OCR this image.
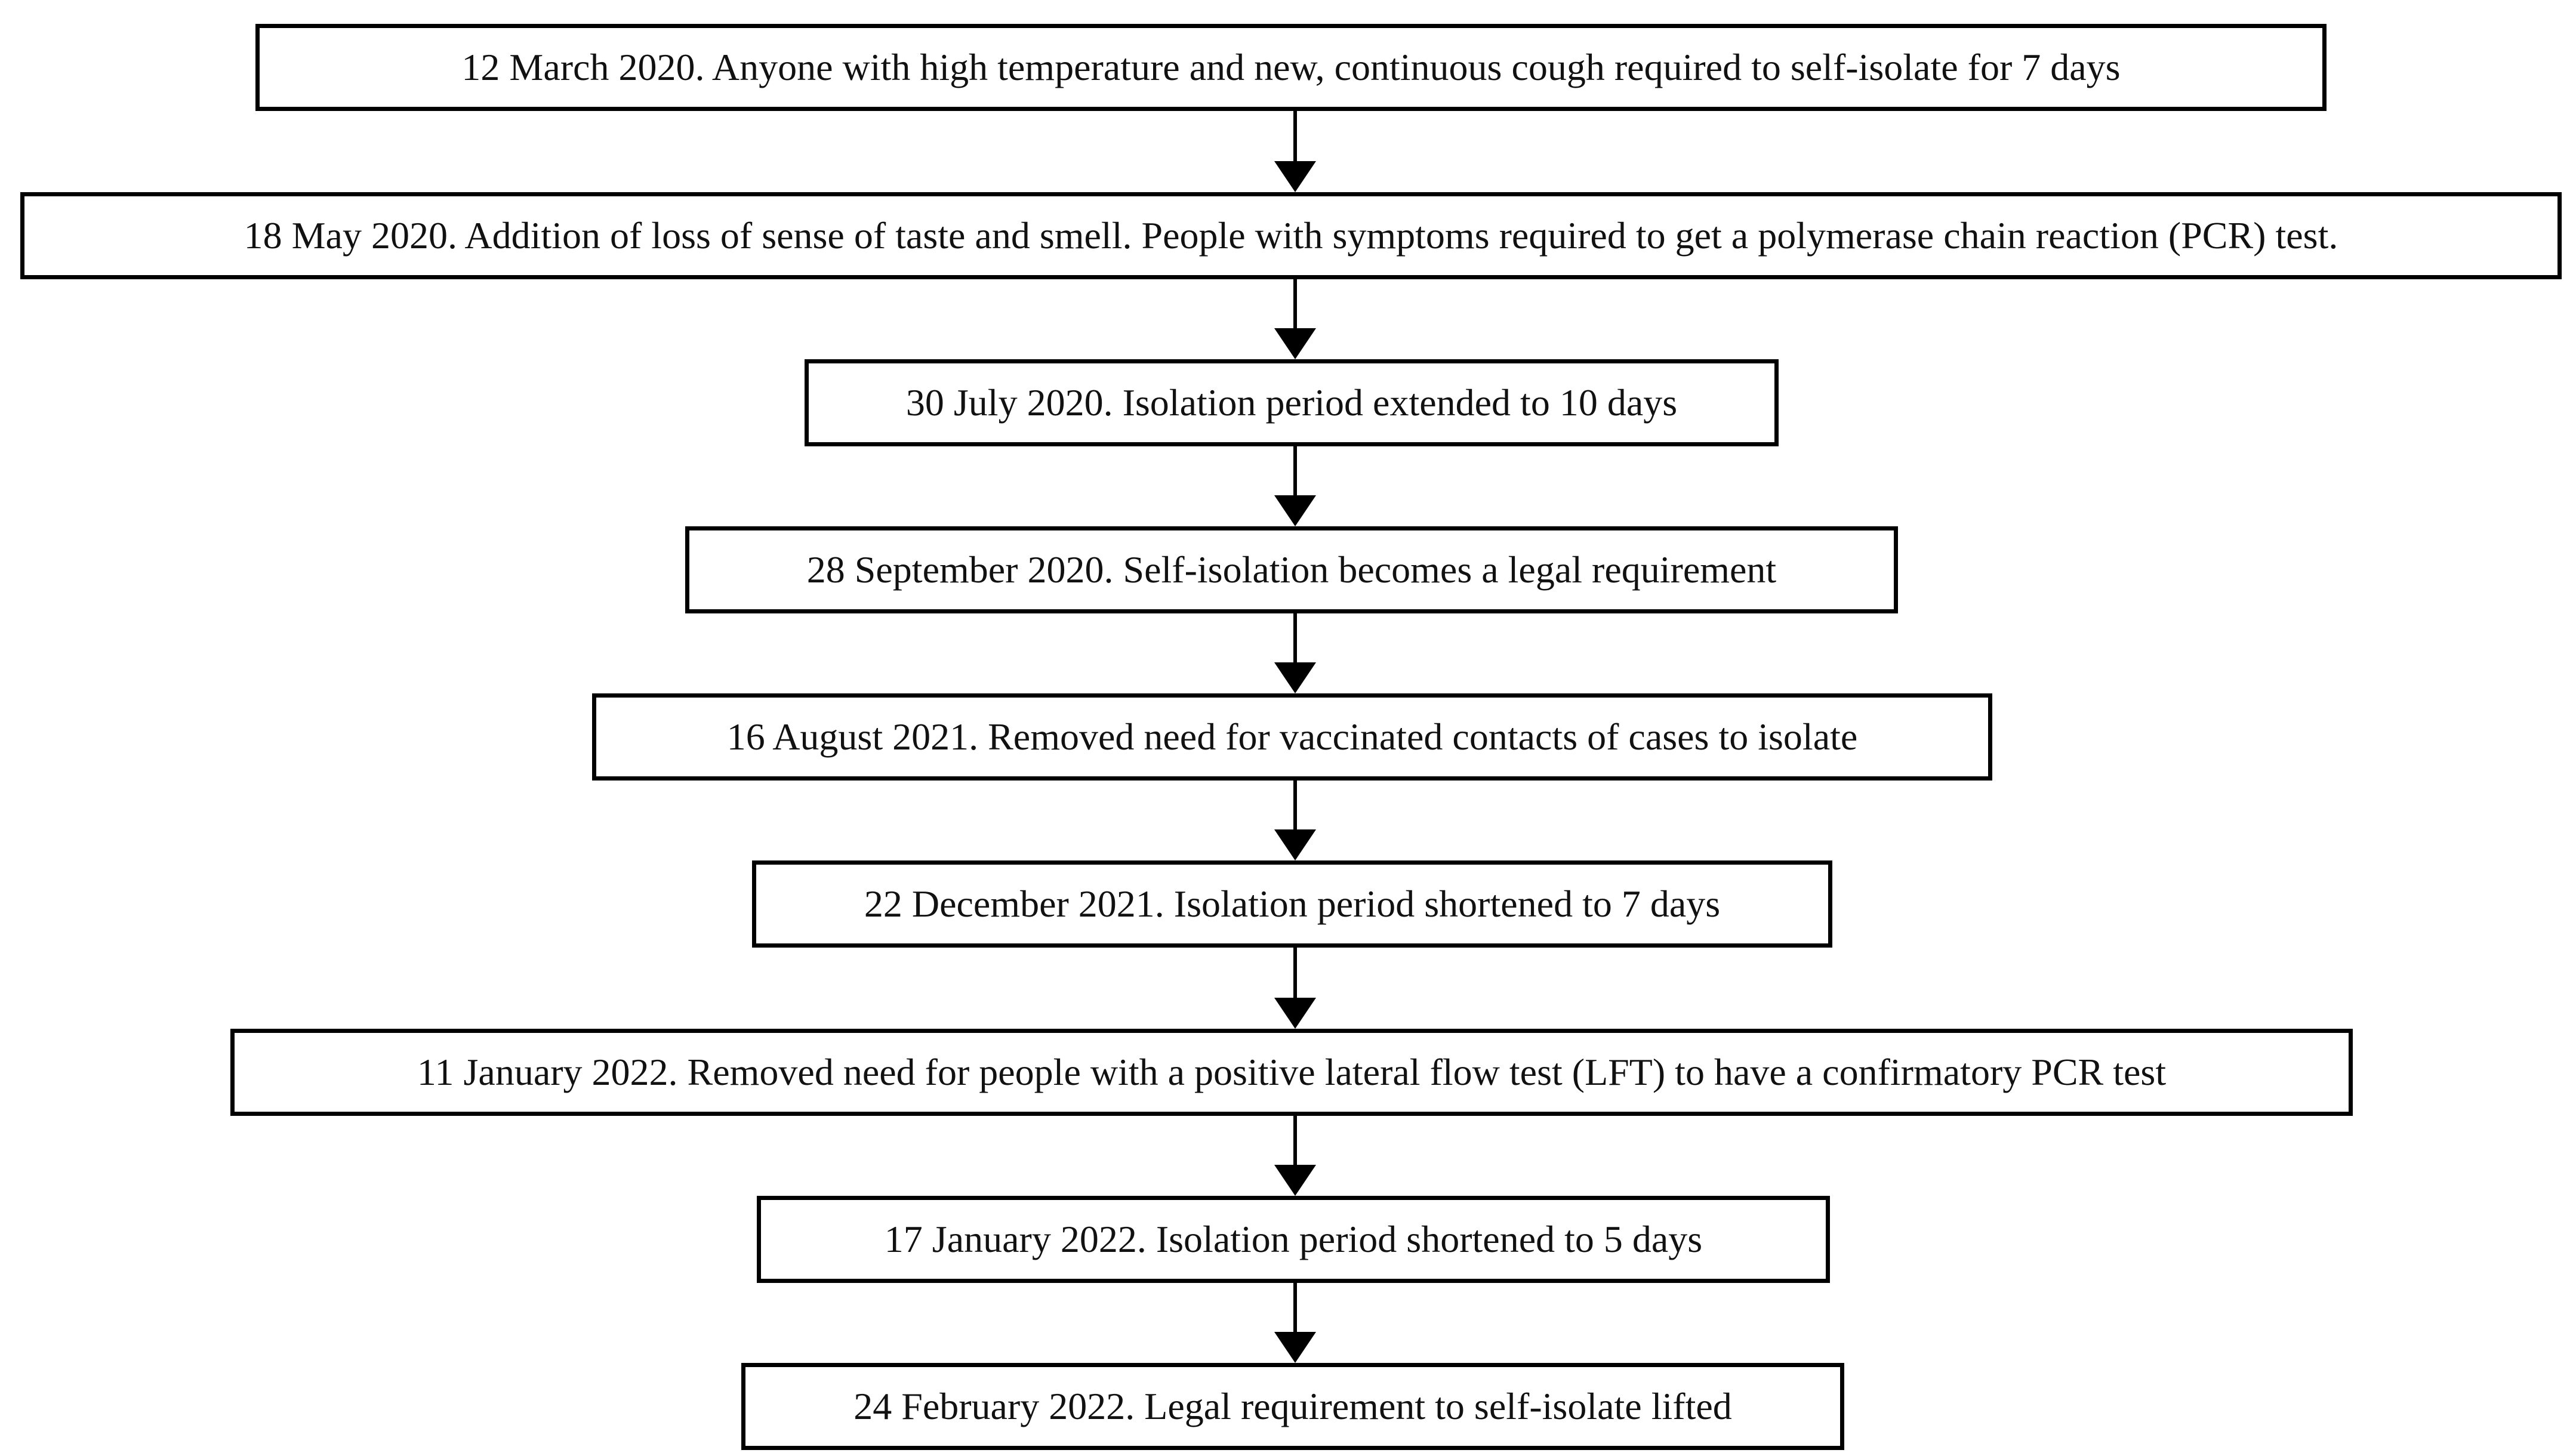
12 March 2020. Anyone with high temperature and new, continuous cough required to self-isolate for 7 days
18 May 2020. Addition of loss of sense of taste and smell. People with symptoms required to get a polymerase chain reaction (PCR) test.
30 July 2020. Isolation period extended to 10 days
28 September 2020. Self-isolation becomes a legal requirement
16 August 2021. Removed need for vaccinated contacts of cases to isolate
22 December 2021. Isolation period shortened to 7 days
11 January 2022. Removed need for people with a positive lateral flow test (LFT) to have a confirmatory PCR test
17 January 2022. Isolation period shortened to 5 days
24 February 2022. Legal requirement to self-isolate lifted
